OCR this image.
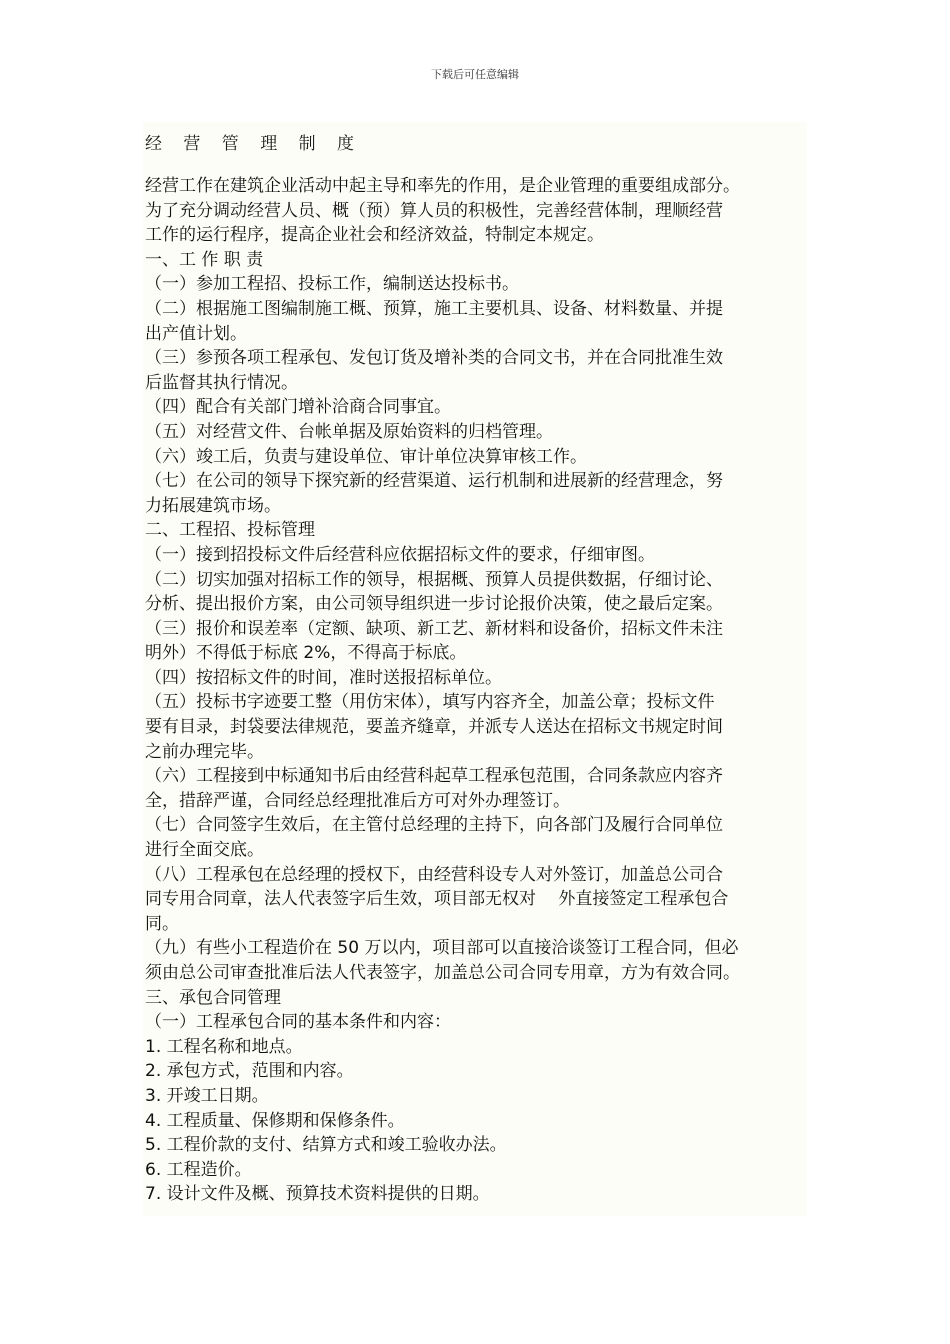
下载后可任意编辑
经 营 管 理 制 度
经营工作在建筑企业活动中起主导和率先的作用，是企业管理的重要组成部分。
为了充分调动经营人员、概（预）算人员的积极性，完善经营体制，理顺经营
工作的运行程序，提高企业社会和经济效益，特制定本规定。
一、工 作 职 责
（一）参加工程招、投标工作，编制送达投标书。
（二）根据施工图编制施工概、预算，施工主要机具、设备、材料数量、并提
出产值计划。
（三）参预各项工程承包、发包订货及增补类的合同文书，并在合同批准生效
后监督其执行情况。
（四）配合有关部门增补洽商合同事宜。
（五）对经营文件、台帐单据及原始资料的归档管理。
（六）竣工后，负责与建设单位、审计单位决算审核工作。
（七）在公司的领导下探究新的经营渠道、运行机制和进展新的经营理念，努
力拓展建筑市场。
二、工程招、投标管理
（一）接到招投标文件后经营科应依据招标文件的要求，仔细审图。
（二）切实加强对招标工作的领导，根据概、预算人员提供数据，仔细讨论、
分析、提出报价方案，由公司领导组织进一步讨论报价决策，使之最后定案。
（三）报价和误差率（定额、缺项、新工艺、新材料和设备价，招标文件未注
明外）不得低于标底 2%，不得高于标底。
（四）按招标文件的时间，准时送报招标单位。
（五）投标书字迹要工整（用仿宋体），填写内容齐全，加盖公章；投标文件
要有目录，封袋要法律规范，要盖齐缝章，并派专人送达在招标文书规定时间
之前办理完毕。
（六）工程接到中标通知书后由经营科起草工程承包范围，合同条款应内容齐
全，措辞严谨，合同经总经理批准后方可对外办理签订。
（七）合同签字生效后，在主管付总经理的主持下，向各部门及履行合同单位
进行全面交底。
（八）工程承包在总经理的授权下，由经营科设专人对外签订，加盖总公司合
同专用合同章，法人代表签字后生效，项目部无权对　 外直接签定工程承包合
同。
（九）有些小工程造价在 50 万以内，项目部可以直接洽谈签订工程合同，但必
须由总公司审查批准后法人代表签字，加盖总公司合同专用章，方为有效合同。
三、承包合同管理
（一）工程承包合同的基本条件和内容：
1. 工程名称和地点。
2. 承包方式，范围和内容。
3. 开竣工日期。
4. 工程质量、保修期和保修条件。
5. 工程价款的支付、结算方式和竣工验收办法。
6. 工程造价。
7. 设计文件及概、预算技术资料提供的日期。
